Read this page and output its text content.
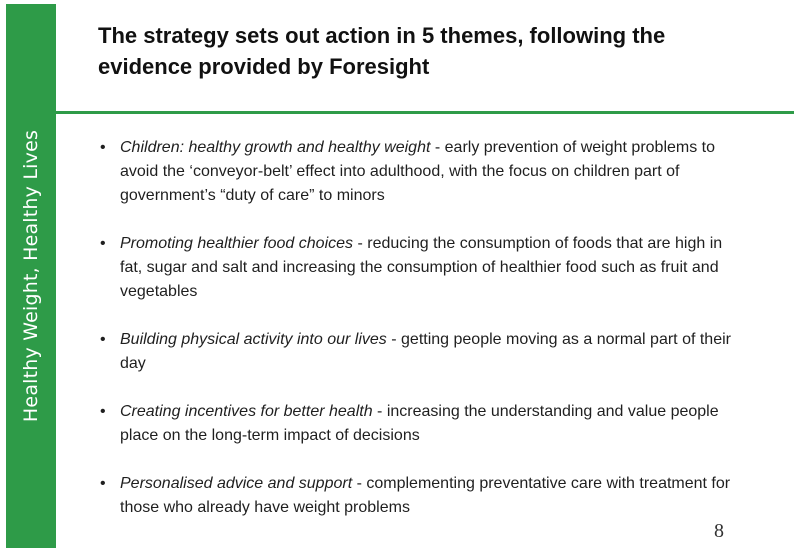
Healthy Weight, Healthy Lives
The strategy sets out action in 5 themes, following the evidence provided by Foresight
• Children: healthy growth and healthy weight - early prevention of weight problems to avoid the ‘conveyor-belt’ effect into adulthood, with the focus on children part of government’s “duty of care” to minors
• Promoting healthier food choices - reducing the consumption of foods that are high in fat, sugar and salt and increasing the consumption of healthier food such as fruit and vegetables
• Building physical activity into our lives - getting people moving as a normal part of their day
• Creating incentives for better health - increasing the understanding and value people place on the long-term impact of decisions
• Personalised advice and support - complementing preventative care with treatment for those who already have weight problems
8
